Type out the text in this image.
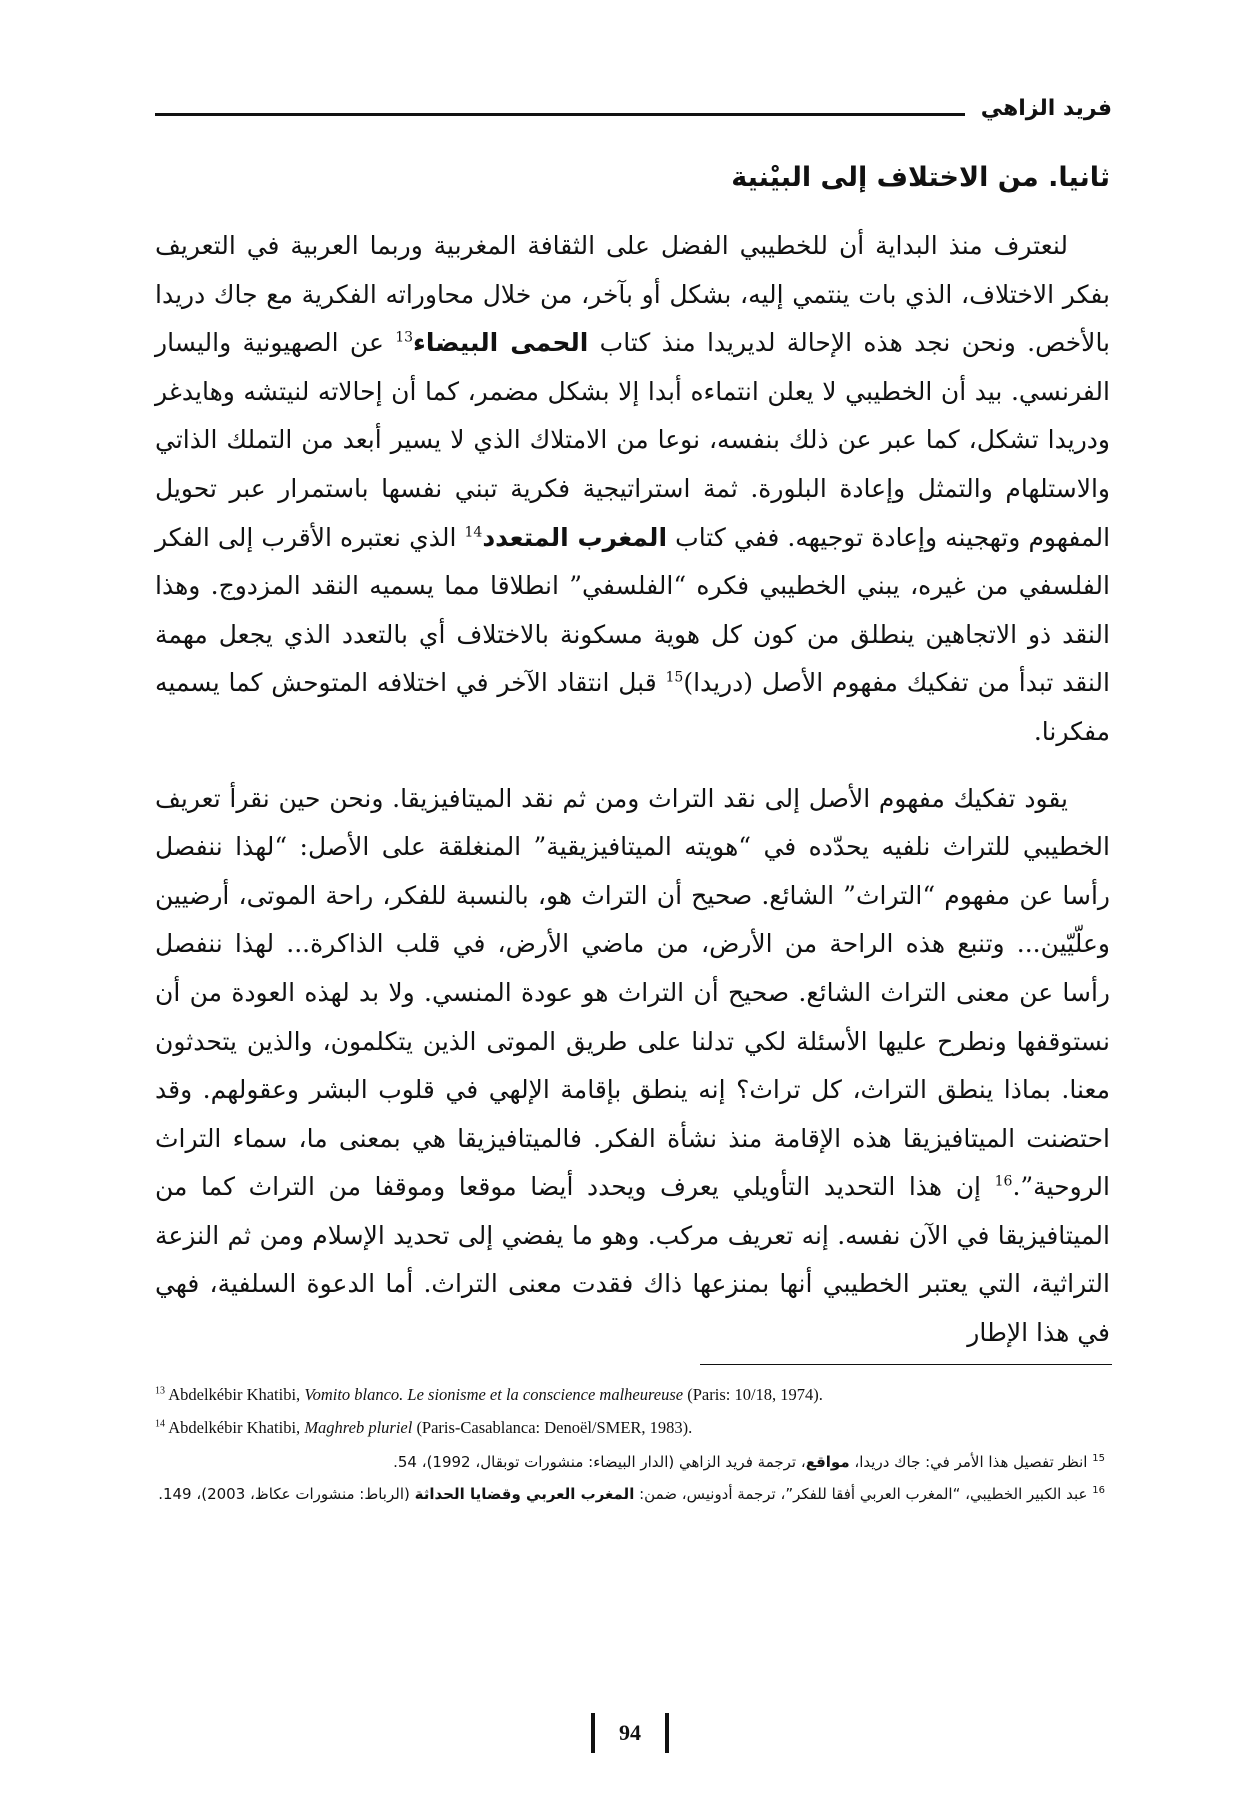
فريد الزاهي
ثانيا. من الاختلاف إلى البيْنية

لنعترف منذ البداية أن للخطيبي الفضل على الثقافة المغربية وربما العربية في التعريف بفكر الاختلاف، الذي بات ينتمي إليه، بشكل أو بآخر، من خلال محاوراته الفكرية مع جاك دريدا بالأخص. ونحن نجد هذه الإحالة لديريدا منذ كتاب الحمى البيضاء$^{13}$ عن الصهيونية واليسار الفرنسي. بيد أن الخطيبي لا يعلن انتماءه أبدا إلا بشكل مضمر، كما أن إحالاته لنيتشه وهايدغر ودريدا تشكل، كما عبر عن ذلك بنفسه، نوعا من الامتلاك الذي لا يسير أبعد من التملك الذاتي والاستلهام والتمثل وإعادة البلورة. ثمة استراتيجية فكرية تبني نفسها باستمرار عبر تحويل المفهوم وتهجينه وإعادة توجيهه. ففي كتاب المغرب المتعدد$^{14}$ الذي نعتبره الأقرب إلى الفكر الفلسفي من غيره، يبني الخطيبي فكره “الفلسفي” انطلاقا مما يسميه النقد المزدوج. وهذا النقد ذو الاتجاهين ينطلق من كون كل هوية مسكونة بالاختلاف أي بالتعدد الذي يجعل مهمة النقد تبدأ من تفكيك مفهوم الأصل (دريدا)$^{15}$ قبل انتقاد الآخر في اختلافه المتوحش كما يسميه مفكرنا.

يقود تفكيك مفهوم الأصل إلى نقد التراث ومن ثم نقد الميتافيزيقا. ونحن حين نقرأ تعريف الخطيبي للتراث نلفيه يحدّده في “هويته الميتافيزيقية” المنغلقة على الأصل: “لهذا ننفصل رأسا عن مفهوم “التراث” الشائع. صحيح أن التراث هو، بالنسبة للفكر، راحة الموتى، أرضيين وعلّيّين... وتنبع هذه الراحة من الأرض، من ماضي الأرض، في قلب الذاكرة... لهذا ننفصل رأسا عن معنى التراث الشائع. صحيح أن التراث هو عودة المنسي. ولا بد لهذه العودة من أن نستوقفها ونطرح عليها الأسئلة لكي تدلنا على طريق الموتى الذين يتكلمون، والذين يتحدثون معنا. بماذا ينطق التراث، كل تراث؟ إنه ينطق بإقامة الإلهي في قلوب البشر وعقولهم. وقد احتضنت الميتافيزيقا هذه الإقامة منذ نشأة الفكر. فالميتافيزيقا هي بمعنى ما، سماء التراث الروحية”.$^{16}$ إن هذا التحديد التأويلي يعرف ويحدد أيضا موقعا وموقفا من التراث كما من الميتافيزيقا في الآن نفسه. إنه تعريف مركب. وهو ما يفضي إلى تحديد الإسلام ومن ثم النزعة التراثية، التي يعتبر الخطيبي أنها بمنزعها ذاك فقدت معنى التراث. أما الدعوة السلفية، فهي في هذا الإطار

$^{13}$ Abdelkébir Khatibi, Vomito blanco. Le sionisme et la conscience malheureuse (Paris: 10/18, 1974).

$^{14}$ Abdelkébir Khatibi, Maghreb pluriel (Paris-Casablanca: Denoël/SMER, 1983).

$^{15}$ انظر تفصيل هذا الأمر في: جاك دريدا، مواقع، ترجمة فريد الزاهي (الدار البيضاء: منشورات توبقال، 1992)، 54.

$^{16}$ عبد الكبير الخطيبي، “المغرب العربي أفقا للفكر”، ترجمة أدونيس، ضمن: المغرب العربي وقضايا الحداثة (الرباط: منشورات عكاظ، 2003)، 149.

94
